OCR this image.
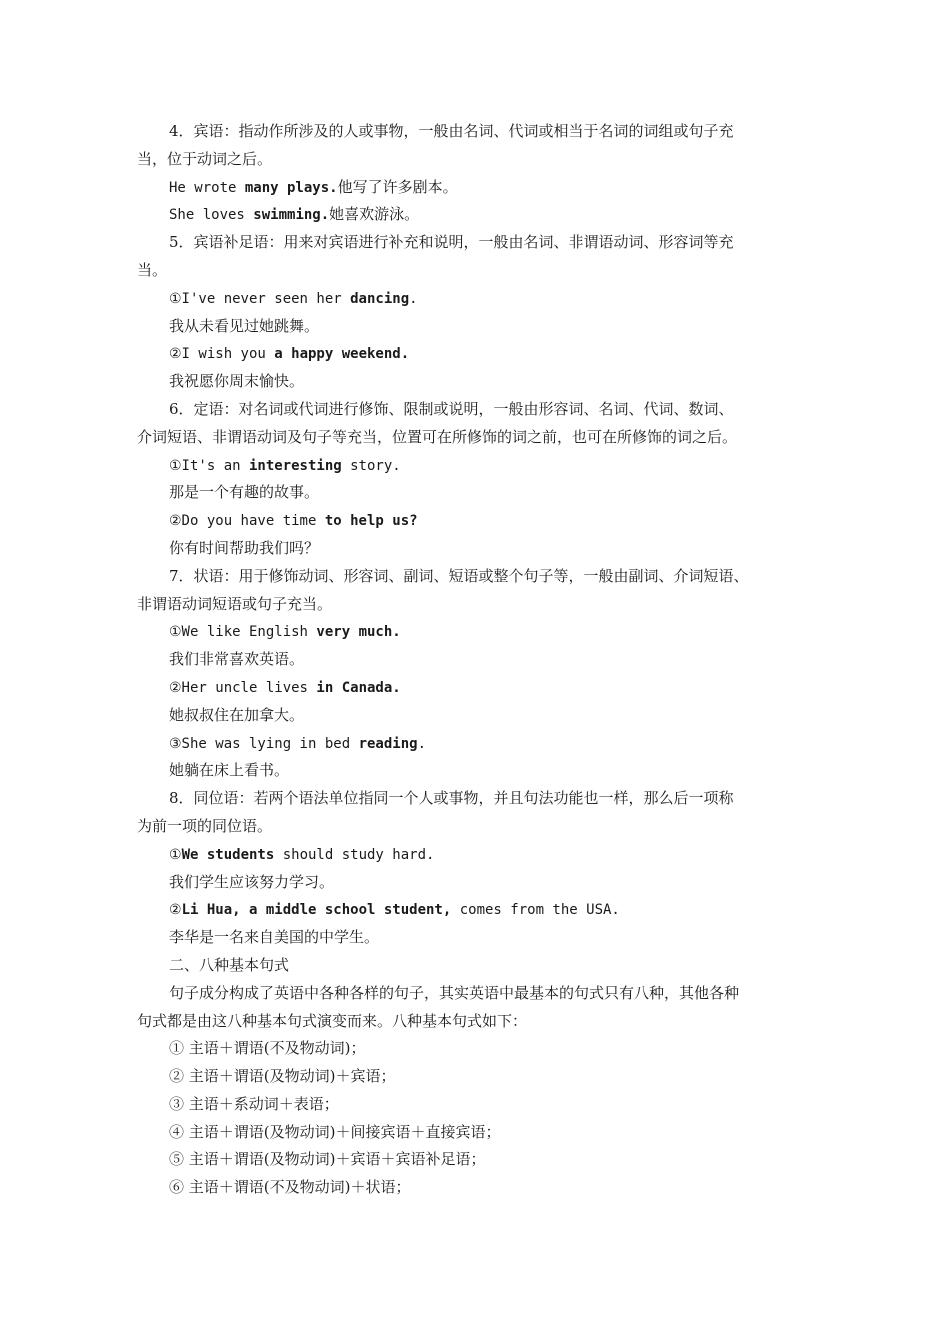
4．宾语：指动作所涉及的人或事物，一般由名词、代词或相当于名词的词组或句子充
当，位于动词之后。
He wrote many plays.他写了许多剧本。
She loves swimming.她喜欢游泳。
5．宾语补足语：用来对宾语进行补充和说明，一般由名词、非谓语动词、形容词等充
当。
①I've never seen her dancing.
我从未看见过她跳舞。
②I wish you a happy weekend.
我祝愿你周末愉快。
6．定语：对名词或代词进行修饰、限制或说明，一般由形容词、名词、代词、数词、
介词短语、非谓语动词及句子等充当，位置可在所修饰的词之前，也可在所修饰的词之后。
①It's an interesting story.
那是一个有趣的故事。
②Do you have time to help us?
你有时间帮助我们吗？
7．状语：用于修饰动词、形容词、副词、短语或整个句子等，一般由副词、介词短语、
非谓语动词短语或句子充当。
①We like English very much.
我们非常喜欢英语。
②Her uncle lives in Canada.
她叔叔住在加拿大。
③She was lying in bed reading.
她躺在床上看书。
8．同位语：若两个语法单位指同一个人或事物，并且句法功能也一样，那么后一项称
为前一项的同位语。
①We students should study hard.
我们学生应该努力学习。
②Li Hua, a middle school student, comes from the USA.
李华是一名来自美国的中学生。
二、八种基本句式
句子成分构成了英语中各种各样的句子，其实英语中最基本的句式只有八种，其他各种
句式都是由这八种基本句式演变而来。八种基本句式如下：
① 主语＋谓语(不及物动词)；
② 主语＋谓语(及物动词)＋宾语；
③ 主语＋系动词＋表语；
④ 主语＋谓语(及物动词)＋间接宾语＋直接宾语；
⑤ 主语＋谓语(及物动词)＋宾语＋宾语补足语；
⑥ 主语＋谓语(不及物动词)＋状语；
